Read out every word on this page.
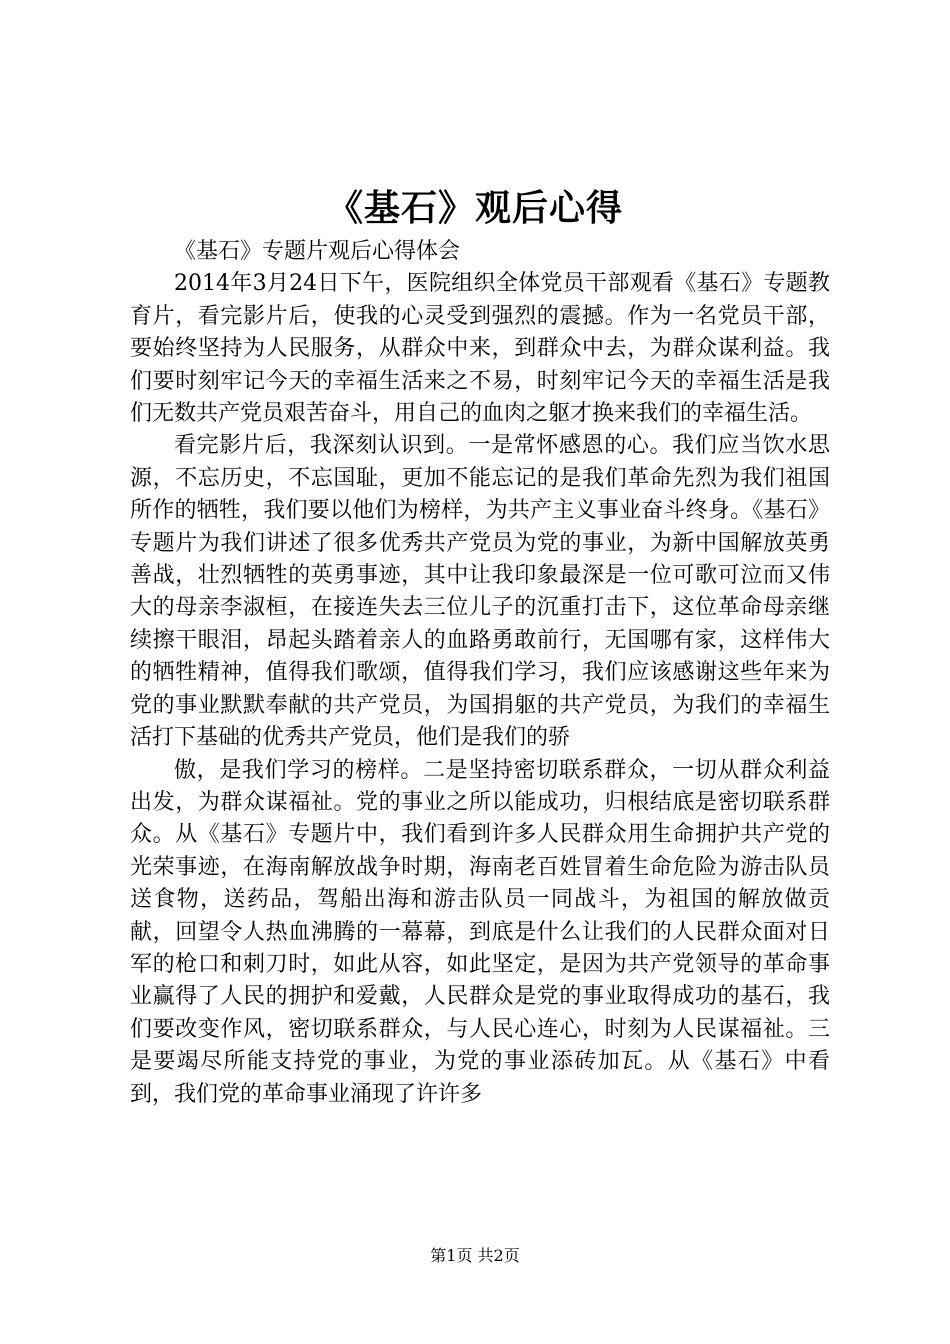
《基石》观后心得

《基石》专题片观后心得体会

2014年3月24日下午，医院组织全体党员干部观看《基石》专题教育片，看完影片后，使我的心灵受到强烈的震撼。作为一名党员干部，要始终坚持为人民服务，从群众中来，到群众中去，为群众谋利益。我们要时刻牢记今天的幸福生活来之不易，时刻牢记今天的幸福生活是我们无数共产党员艰苦奋斗，用自己的血肉之躯才换来我们的幸福生活。

看完影片后，我深刻认识到。一是常怀感恩的心。我们应当饮水思源，不忘历史，不忘国耻，更加不能忘记的是我们革命先烈为我们祖国所作的牺牲，我们要以他们为榜样，为共产主义事业奋斗终身。《基石》专题片为我们讲述了很多优秀共产党员为党的事业，为新中国解放英勇善战，壮烈牺牲的英勇事迹，其中让我印象最深是一位可歌可泣而又伟大的母亲李淑桓，在接连失去三位儿子的沉重打击下，这位革命母亲继续擦干眼泪，昂起头踏着亲人的血路勇敢前行，无国哪有家，这样伟大的牺牲精神，值得我们歌颂，值得我们学习，我们应该感谢这些年来为党的事业默默奉献的共产党员，为国捐躯的共产党员，为我们的幸福生活打下基础的优秀共产党员，他们是我们的骄

傲，是我们学习的榜样。二是坚持密切联系群众，一切从群众利益出发，为群众谋福祉。党的事业之所以能成功，归根结底是密切联系群众。从《基石》专题片中，我们看到许多人民群众用生命拥护共产党的光荣事迹，在海南解放战争时期，海南老百姓冒着生命危险为游击队员送食物，送药品，驾船出海和游击队员一同战斗，为祖国的解放做贡献，回望令人热血沸腾的一幕幕，到底是什么让我们的人民群众面对日军的枪口和刺刀时，如此从容，如此坚定，是因为共产党领导的革命事业赢得了人民的拥护和爱戴，人民群众是党的事业取得成功的基石，我们要改变作风，密切联系群众，与人民心连心，时刻为人民谋福祉。三是要竭尽所能支持党的事业，为党的事业添砖加瓦。从《基石》中看到，我们党的革命事业涌现了许许多

第1页 共2页
